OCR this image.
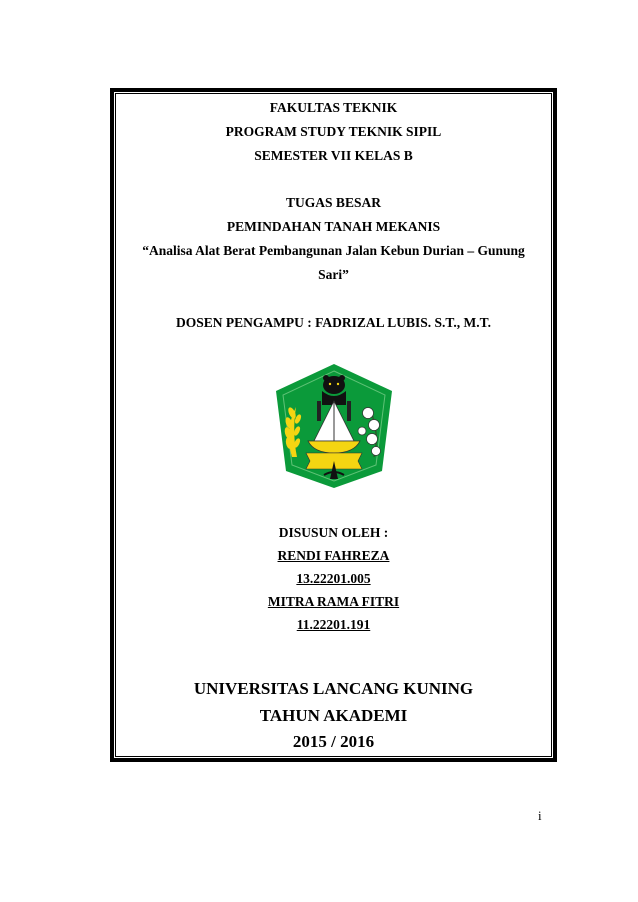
FAKULTAS TEKNIK
PROGRAM STUDY TEKNIK SIPIL
SEMESTER VII KELAS B
TUGAS BESAR
PEMINDAHAN TANAH MEKANIS
“Analisa Alat Berat Pembangunan Jalan Kebun Durian – Gunung
Sari”
DOSEN PENGAMPU : FADRIZAL LUBIS. S.T., M.T.
DISUSUN OLEH :
RENDI FAHREZA
13.22201.005
MITRA RAMA FITRI
11.22201.191
UNIVERSITAS LANCANG KUNING
TAHUN AKADEMI
2015 / 2016
i
